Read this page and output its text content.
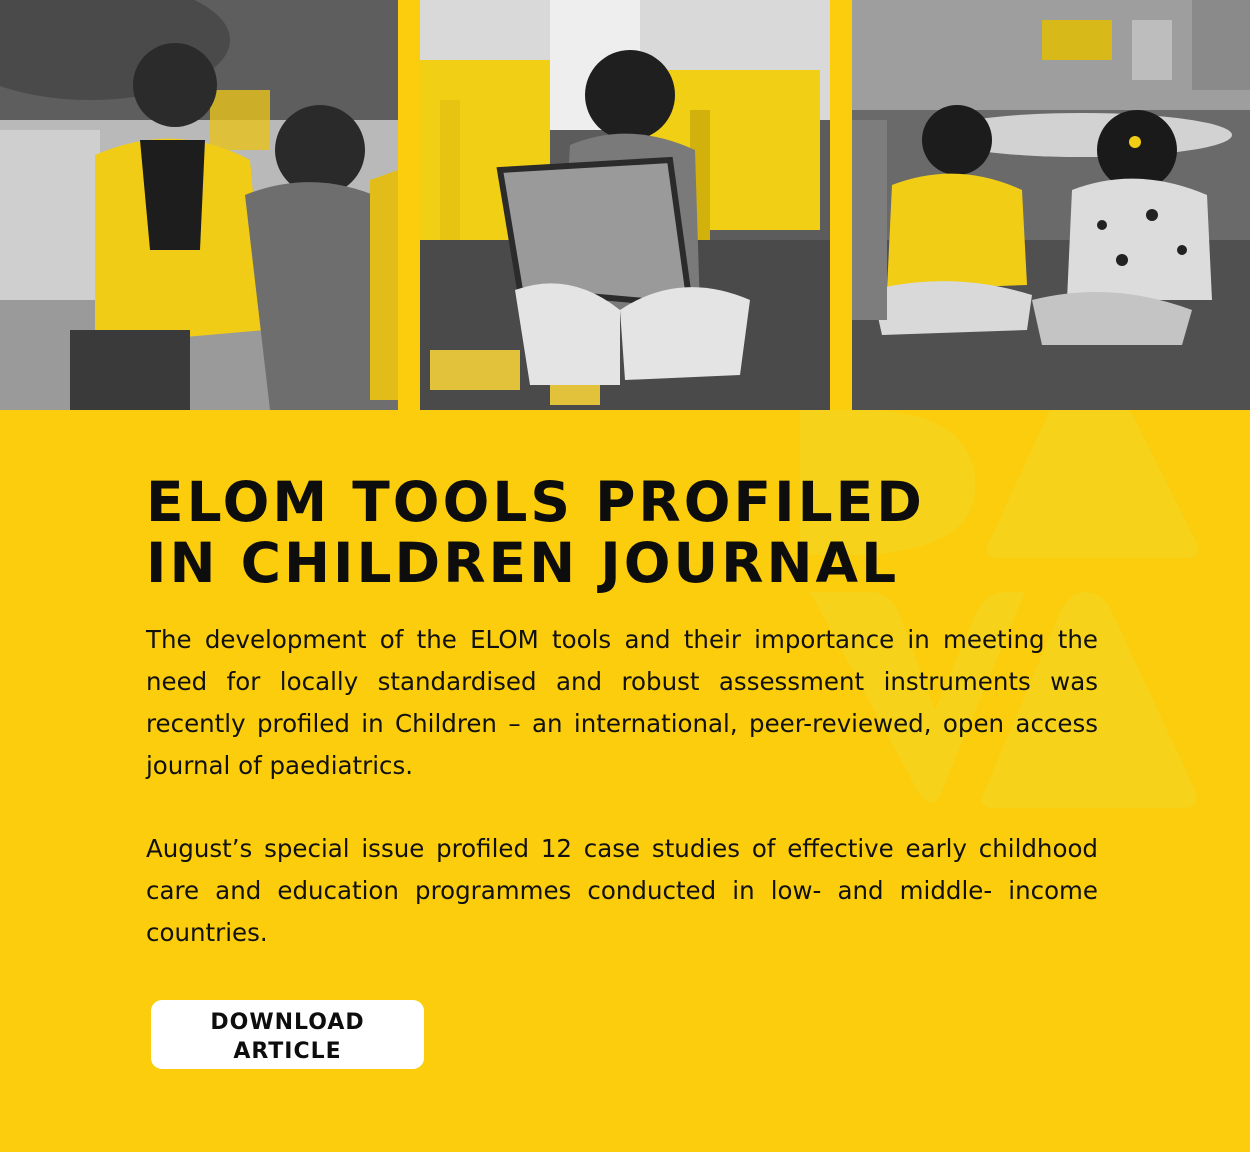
ELOM TOOLS PROFILED
IN CHILDREN JOURNAL

The development of the ELOM tools and their importance in meeting the need for locally standardised and robust assessment instruments was recently profiled in Children – an international, peer-reviewed, open access journal of paediatrics.

August’s special issue profiled 12 case studies of effective early childhood care and education programmes conducted in low- and middle- income countries.

DOWNLOAD ARTICLE
